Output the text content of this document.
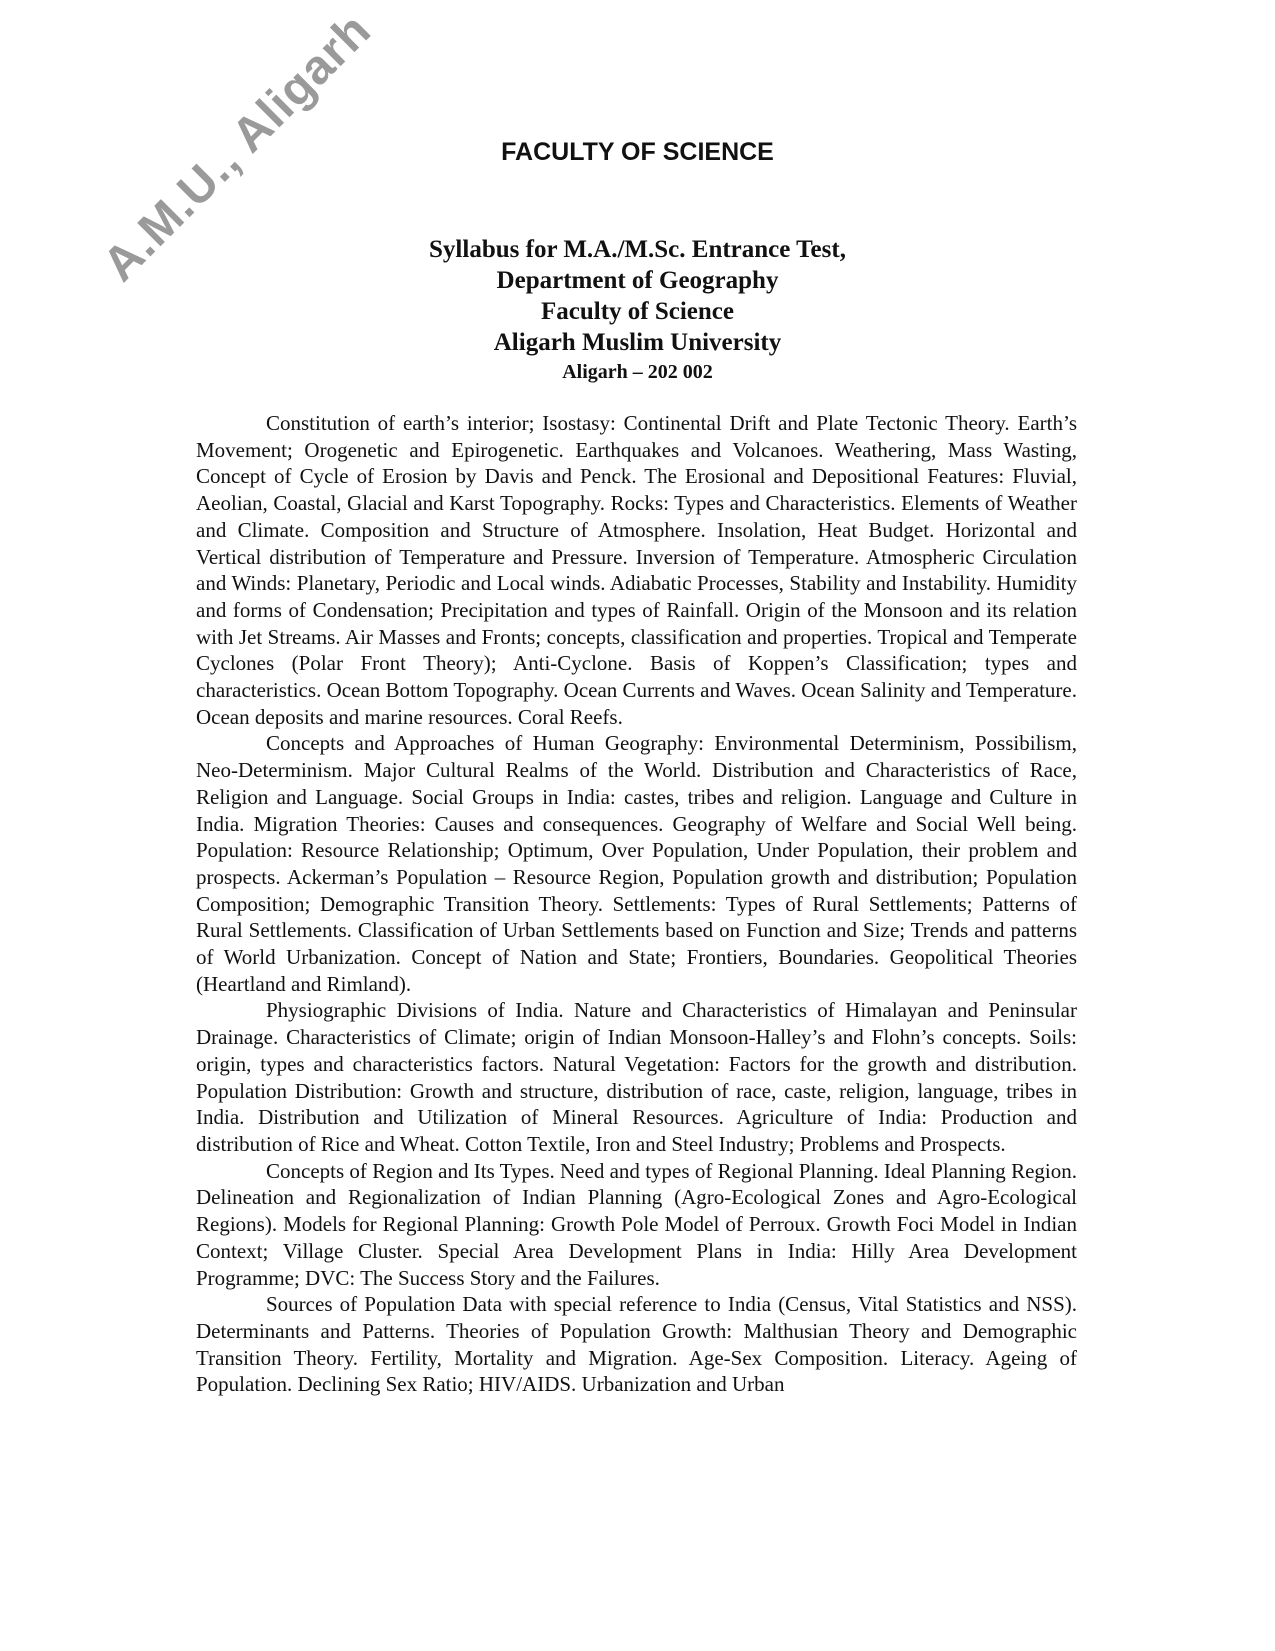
A.M.U., Aligarh	FACULTY OF SCIENCE
Syllabus for M.A./M.Sc. Entrance Test,
Department of Geography
Faculty of Science
Aligarh Muslim University
Aligarh – 202 002

Constitution of earth’s interior; Isostasy: Continental Drift and Plate Tectonic Theory. Earth’s Movement; Orogenetic and Epirogenetic. Earthquakes and Volcanoes. Weathering, Mass Wasting, Concept of Cycle of Erosion by Davis and Penck. The Erosional and Depositional Features: Fluvial, Aeolian, Coastal, Glacial and Karst Topography. Rocks: Types and Characteristics. Elements of Weather and Climate. Composition and Structure of Atmosphere. Insolation, Heat Budget. Horizontal and Vertical distribution of Temperature and Pressure. Inversion of Temperature. Atmospheric Circulation and Winds: Planetary, Periodic and Local winds. Adiabatic Processes, Stability and Instability. Humidity and forms of Condensation; Precipitation and types of Rainfall. Origin of the Monsoon and its relation with Jet Streams. Air Masses and Fronts; concepts, classification and properties. Tropical and Temperate Cyclones (Polar Front Theory); Anti-Cyclone. Basis of Koppen’s Classification; types and characteristics. Ocean Bottom Topography. Ocean Currents and Waves. Ocean Salinity and Temperature. Ocean deposits and marine resources. Coral Reefs.

Concepts and Approaches of Human Geography: Environmental Determinism, Possibilism, Neo-Determinism. Major Cultural Realms of the World. Distribution and Characteristics of Race, Religion and Language. Social Groups in India: castes, tribes and religion. Language and Culture in India. Migration Theories: Causes and consequences. Geography of Welfare and Social Well being. Population: Resource Relationship; Optimum, Over Population, Under Population, their problem and prospects. Ackerman’s Population – Resource Region, Population growth and distribution; Population Composition; Demographic Transition Theory. Settlements: Types of Rural Settlements; Patterns of Rural Settlements. Classification of Urban Settlements based on Function and Size; Trends and patterns of World Urbanization. Concept of Nation and State; Frontiers, Boundaries. Geopolitical Theories (Heartland and Rimland).

Physiographic Divisions of India. Nature and Characteristics of Himalayan and Peninsular Drainage. Characteristics of Climate; origin of Indian Monsoon-Halley’s and Flohn’s concepts. Soils: origin, types and characteristics factors. Natural Vegetation: Factors for the growth and distribution. Population Distribution: Growth and structure, distribution of race, caste, religion, language, tribes in India. Distribution and Utilization of Mineral Resources. Agriculture of India: Production and distribution of Rice and Wheat. Cotton Textile, Iron and Steel Industry; Problems and Prospects.

Concepts of Region and Its Types. Need and types of Regional Planning. Ideal Planning Region. Delineation and Regionalization of Indian Planning (Agro-Ecological Zones and Agro-Ecological Regions). Models for Regional Planning: Growth Pole Model of Perroux. Growth Foci Model in Indian Context; Village Cluster. Special Area Development Plans in India: Hilly Area Development Programme; DVC: The Success Story and the Failures.

Sources of Population Data with special reference to India (Census, Vital Statistics and NSS). Determinants and Patterns. Theories of Population Growth: Malthusian Theory and Demographic Transition Theory. Fertility, Mortality and Migration. Age-Sex Composition. Literacy. Ageing of Population. Declining Sex Ratio; HIV/AIDS. Urbanization and Urban
